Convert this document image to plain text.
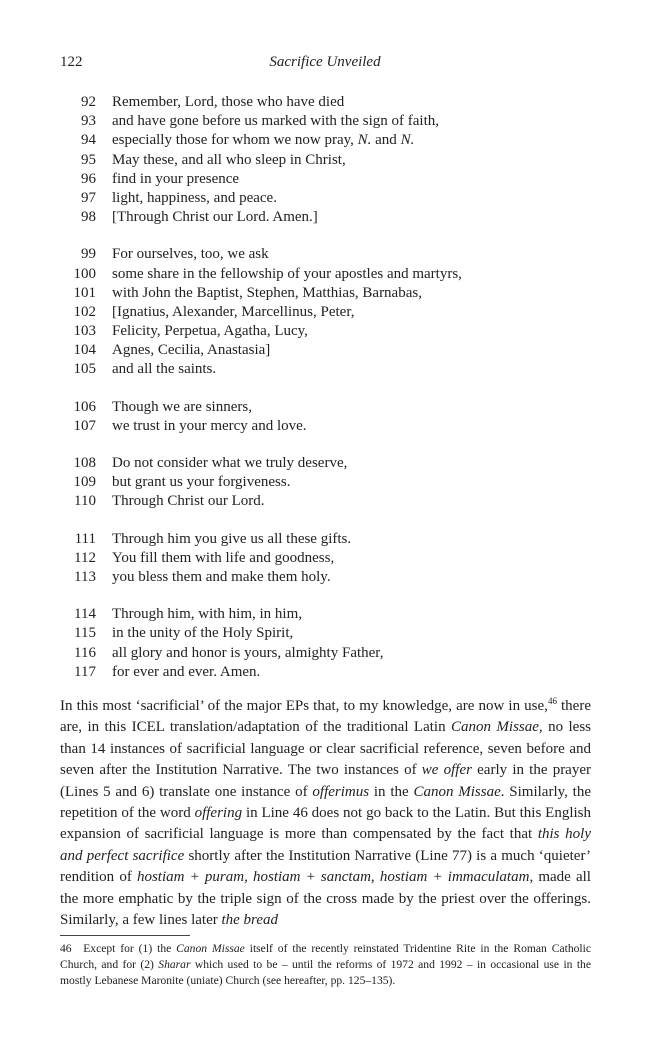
122	Sacrifice Unveiled
92	Remember, Lord, those who have died
93	and have gone before us marked with the sign of faith,
94	especially those for whom we now pray, N. and N.
95	May these, and all who sleep in Christ,
96	find in your presence
97	light, happiness, and peace.
98	[Through Christ our Lord. Amen.]
99	For ourselves, too, we ask
100	some share in the fellowship of your apostles and martyrs,
101	with John the Baptist, Stephen, Matthias, Barnabas,
102	[Ignatius, Alexander, Marcellinus, Peter,
103	Felicity, Perpetua, Agatha, Lucy,
104	Agnes, Cecilia, Anastasia]
105	and all the saints.
106	Though we are sinners,
107	we trust in your mercy and love.
108	Do not consider what we truly deserve,
109	but grant us your forgiveness.
110	Through Christ our Lord.
111	Through him you give us all these gifts.
112	You fill them with life and goodness,
113	you bless them and make them holy.
114	Through him, with him, in him,
115	in the unity of the Holy Spirit,
116	all glory and honor is yours, almighty Father,
117	for ever and ever. Amen.

In this most ‘sacrificial’ of the major EPs that, to my knowledge, are now in use,$^{46}$ there are, in this ICEL translation/adaptation of the traditional Latin Canon Missae, no less than 14 instances of sacrificial language or clear sacrificial reference, seven before and seven after the Institution Narrative. The two instances of we offer early in the prayer (Lines 5 and 6) translate one instance of offerimus in the Canon Missae. Similarly, the repetition of the word offering in Line 46 does not go back to the Latin. But this English expansion of sacrificial language is more than compensated by the fact that this holy and perfect sacrifice shortly after the Institution Narrative (Line 77) is a much ‘quieter’ rendition of hostiam + puram, hostiam + sanctam, hostiam + immaculatam, made all the more emphatic by the triple sign of the cross made by the priest over the offerings. Similarly, a few lines later the bread

46 Except for (1) the Canon Missae itself of the recently reinstated Tridentine Rite in the Roman Catholic Church, and for (2) Sharar which used to be – until the reforms of 1972 and 1992 – in occasional use in the mostly Lebanese Maronite (uniate) Church (see hereafter, pp. 125–135).
